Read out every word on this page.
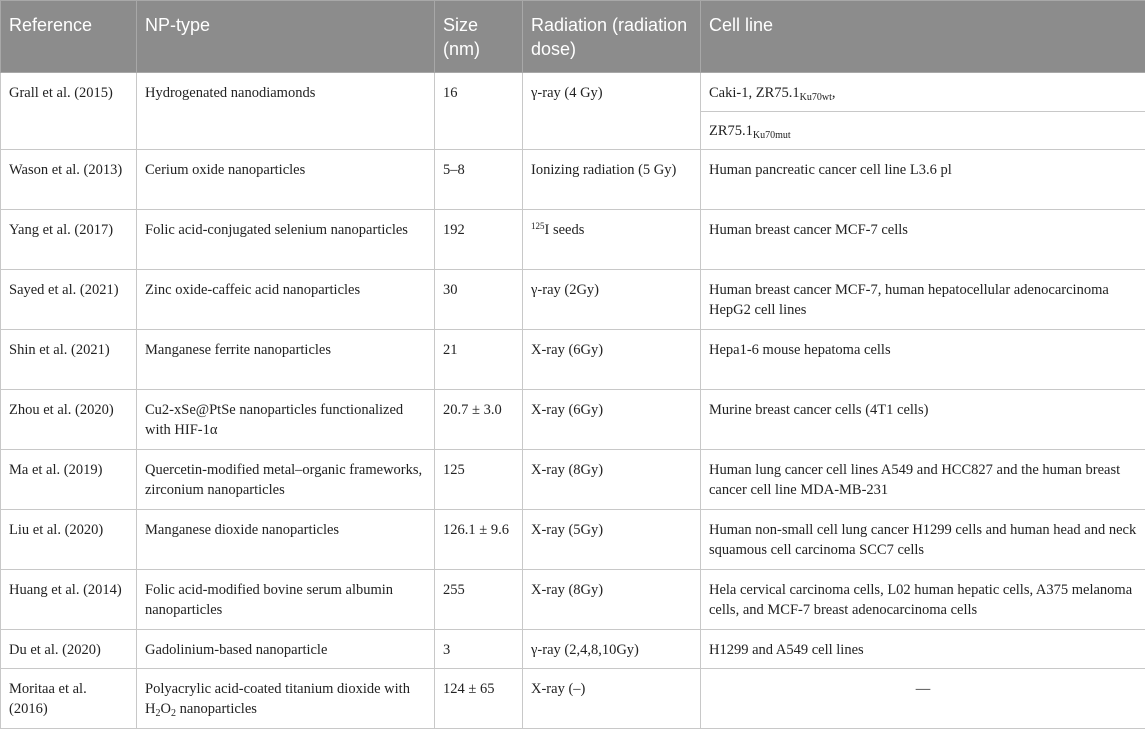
Reference	NP-type	Size (nm)	Radiation (radiation dose)	Cell line
Grall et al. (2015)	Hydrogenated nanodiamonds	16	γ-ray (4 Gy)	Caki-1, $ZR75.1_{Ku70wt}$,
				$ZR75.1_{Ku70mut}$
Wason et al. (2013)	Cerium oxide nanoparticles	5–8	Ionizing radiation (5 Gy)	Human pancreatic cancer cell line L3.6 pl
Yang et al. (2017)	Folic acid-conjugated selenium nanoparticles	192	$^{125}$I seeds	Human breast cancer MCF-7 cells
Sayed et al. (2021)	Zinc oxide-caffeic acid nanoparticles	30	γ-ray (2Gy)	Human breast cancer MCF-7, human hepatocellular adenocarcinoma HepG2 cell lines
Shin et al. (2021)	Manganese ferrite nanoparticles	21	X-ray (6Gy)	Hepa1-6 mouse hepatoma cells
Zhou et al. (2020)	Cu2-xSe@PtSe nanoparticles functionalized with HIF-1α	20.7 ± 3.0	X-ray (6Gy)	Murine breast cancer cells (4T1 cells)
Ma et al. (2019)	Quercetin-modified metal–organic frameworks, zirconium nanoparticles	125	X-ray (8Gy)	Human lung cancer cell lines A549 and HCC827 and the human breast cancer cell line MDA-MB-231
Liu et al. (2020)	Manganese dioxide nanoparticles	126.1 ± 9.6	X-ray (5Gy)	Human non-small cell lung cancer H1299 cells and human head and neck squamous cell carcinoma SCC7 cells
Huang et al. (2014)	Folic acid-modified bovine serum albumin nanoparticles	255	X-ray (8Gy)	Hela cervical carcinoma cells, L02 human hepatic cells, A375 melanoma cells, and MCF-7 breast adenocarcinoma cells
Du et al. (2020)	Gadolinium-based nanoparticle	3	γ-ray (2,4,8,10Gy)	H1299 and A549 cell lines
Moritaa et al. (2016)	Polyacrylic acid-coated titanium dioxide with $H_2O_2$ nanoparticles	124 ± 65	X-ray (–)	—
